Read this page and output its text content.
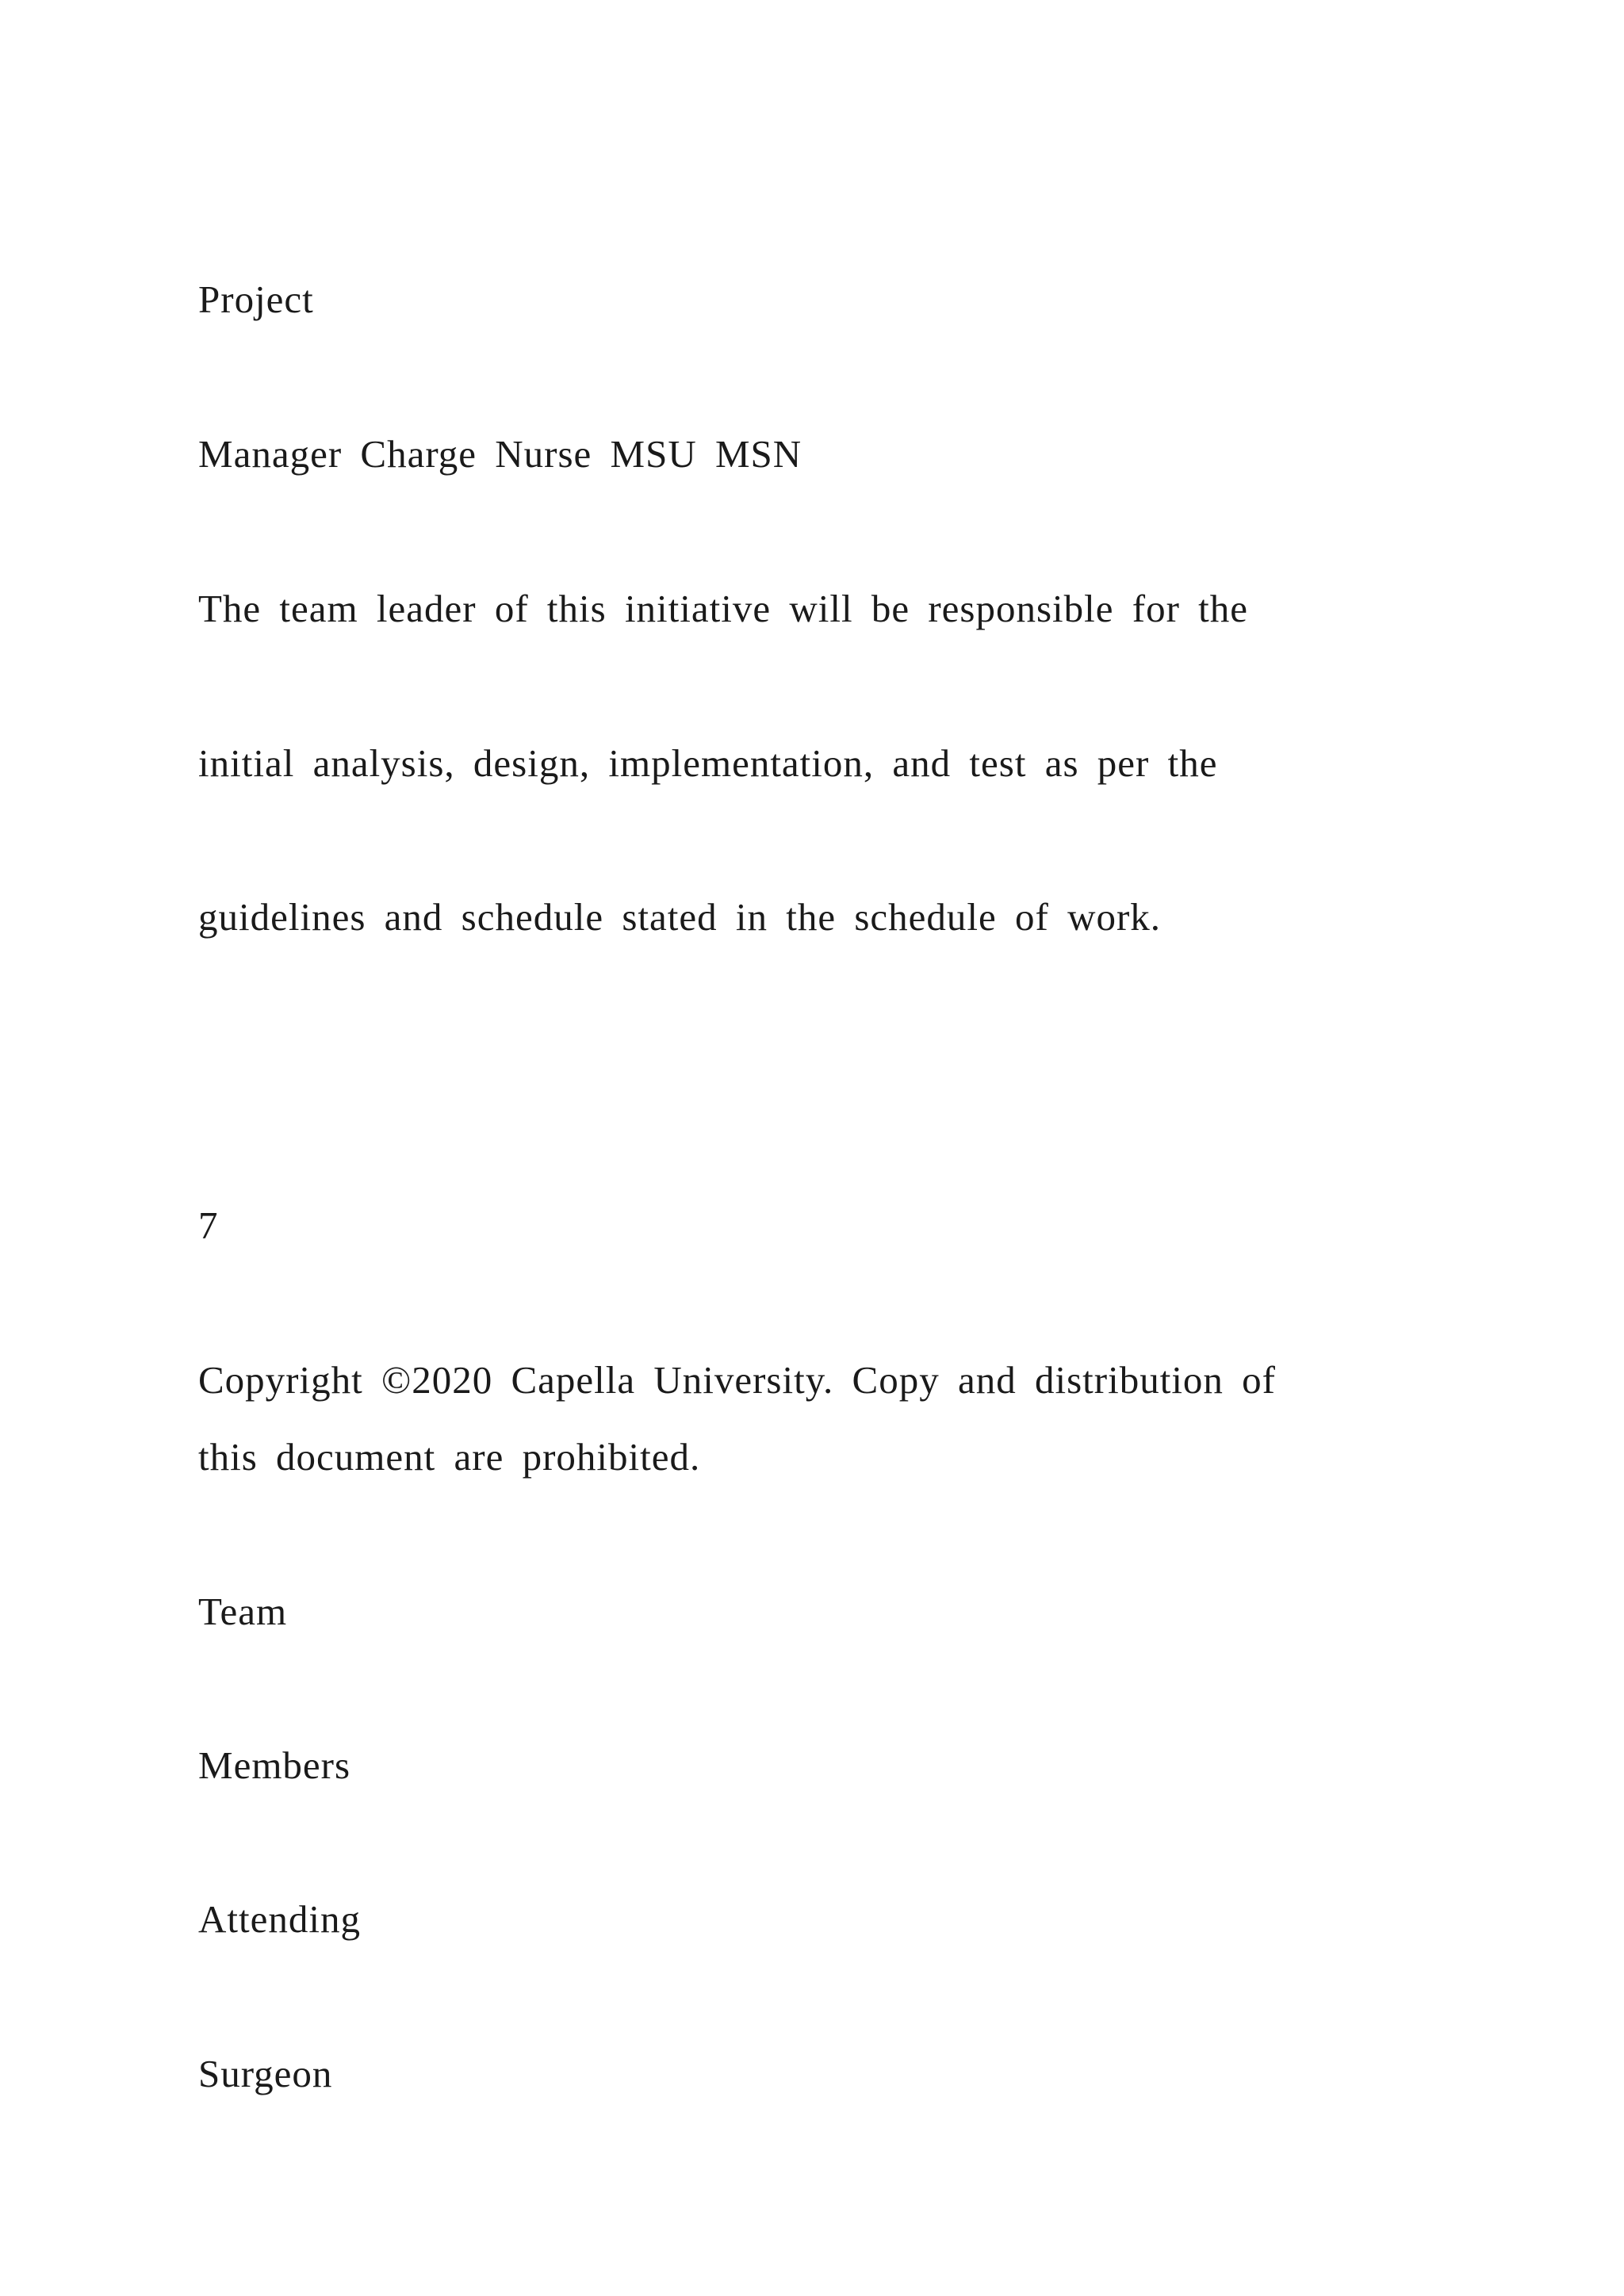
Project

Manager Charge Nurse MSU MSN

The team leader of this initiative will be responsible for the

initial analysis, design, implementation, and test as per the

guidelines and schedule stated in the schedule of work.

7

Copyright ©2020 Capella University. Copy and distribution of

this document are prohibited.

Team

Members

Attending

Surgeon
